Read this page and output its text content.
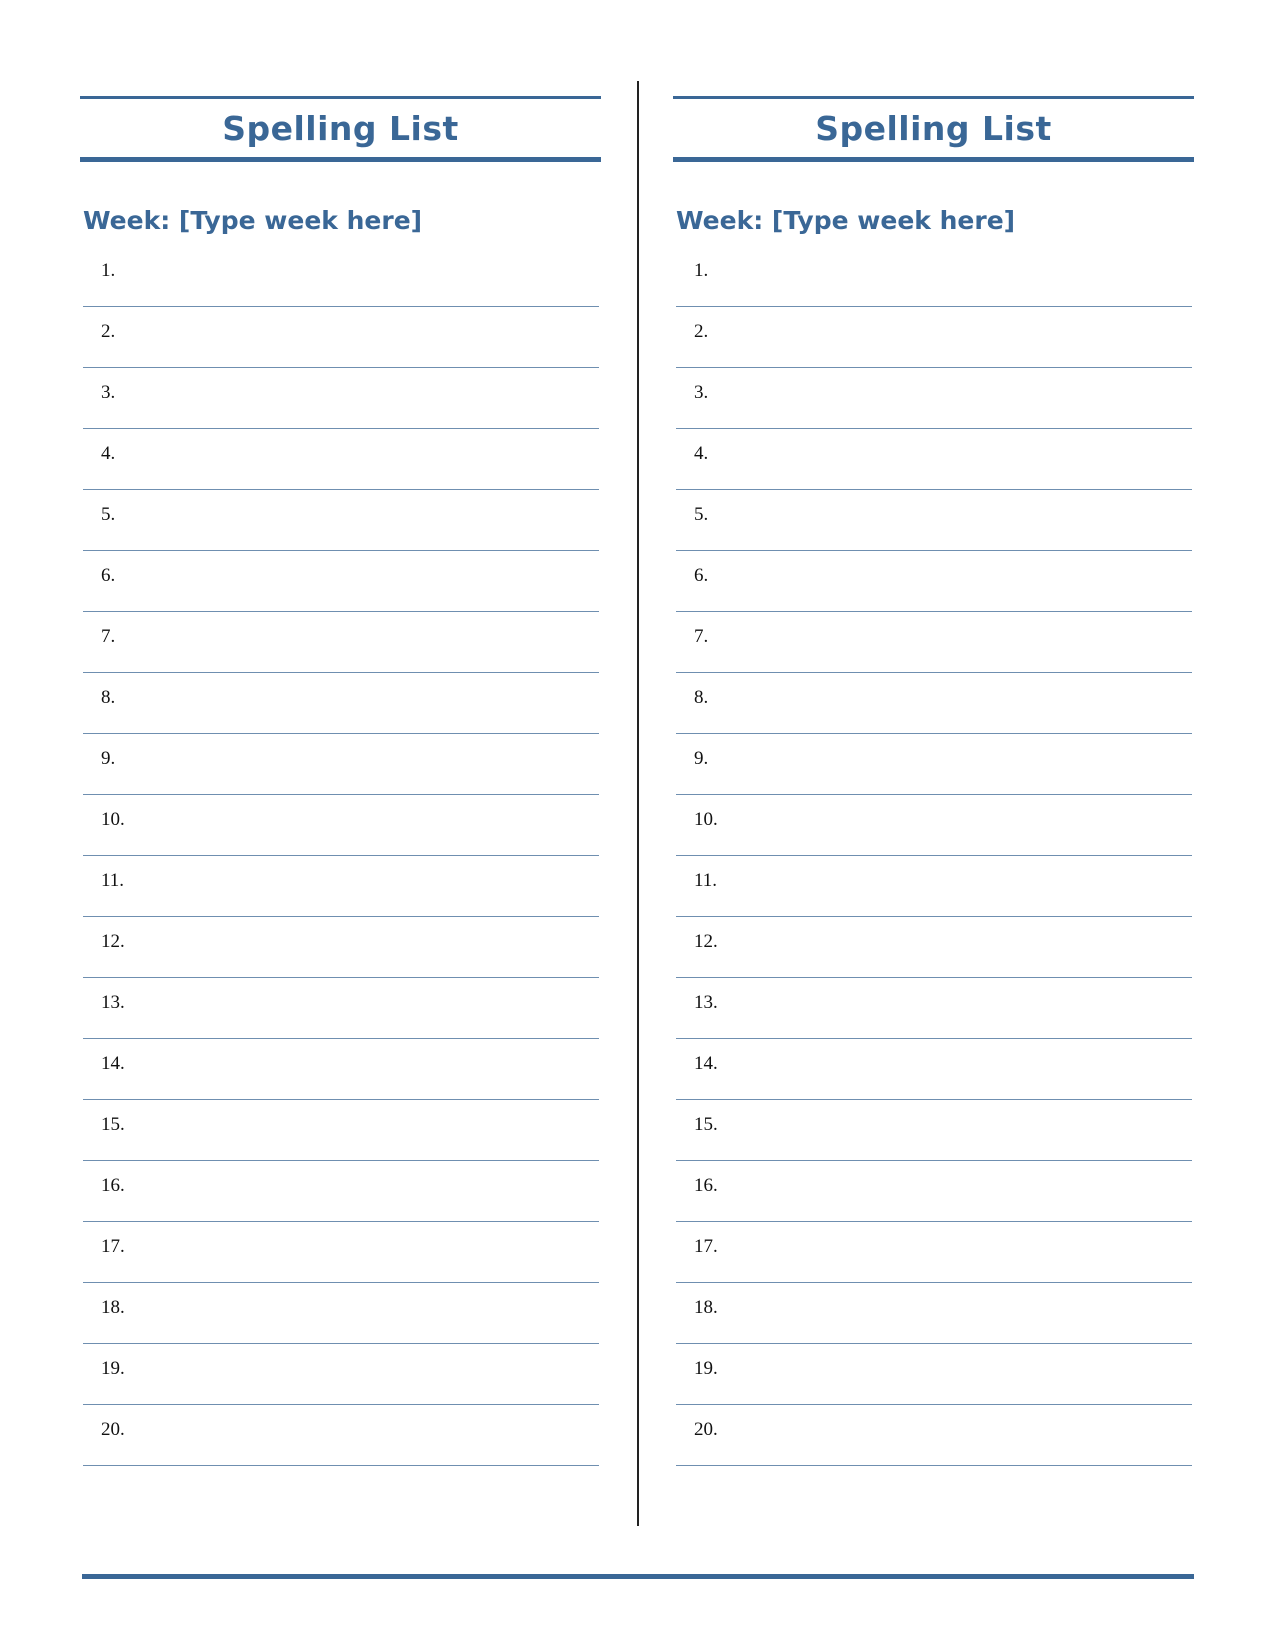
Spelling List
Week: [Type week here]
1.
2.
3.
4.
5.
6.
7.
8.
9.
10.
11.
12.
13.
14.
15.
16.
17.
18.
19.
20.
Spelling List
Week: [Type week here]
1.
2.
3.
4.
5.
6.
7.
8.
9.
10.
11.
12.
13.
14.
15.
16.
17.
18.
19.
20.
